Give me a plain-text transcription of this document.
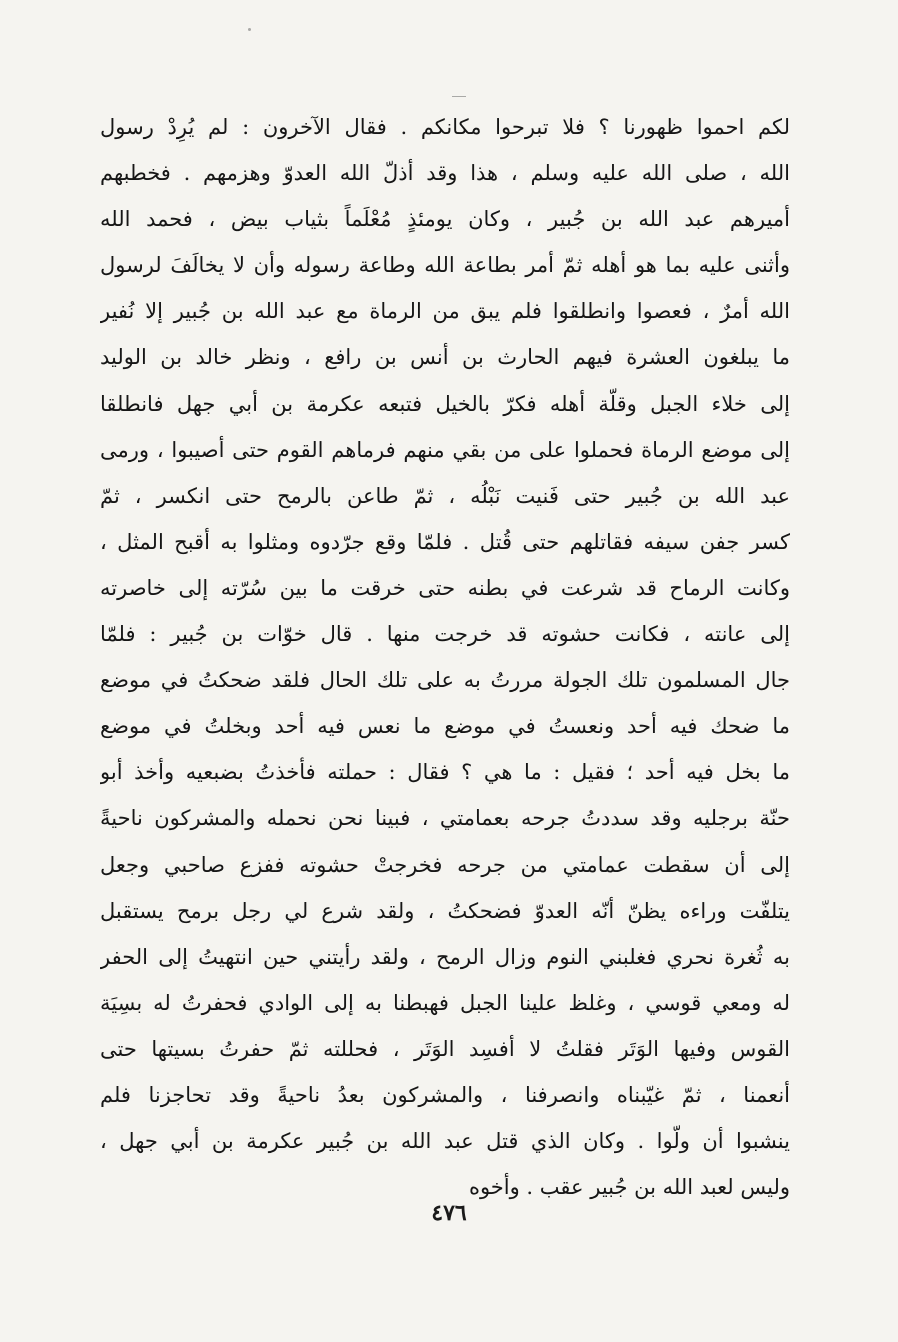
لكم احموا ظهورنا ؟ فلا تبرحوا مكانكم . فقال الآخرون : لم يُرِدْ رسول
الله ، صلى الله عليه وسلم ، هذا وقد أذلّ الله العدوّ وهزمهم . فخطبهم
أميرهم عبد الله بن جُبير ، وكان يومئذٍ مُعْلَماً بثياب بيض ، فحمد الله
وأثنى عليه بما هو أهله ثمّ أمر بطاعة الله وطاعة رسوله وأن لا يخالَفَ لرسول
الله أمرٌ ، فعصوا وانطلقوا فلم يبق من الرماة مع عبد الله بن جُبير إلا نُفير
ما يبلغون العشرة فيهم الحارث بن أنس بن رافع ، ونظر خالد بن الوليد
إلى خلاء الجبل وقلّة أهله فكرّ بالخيل فتبعه عكرمة بن أبي جهل فانطلقا
إلى موضع الرماة فحملوا على من بقي منهم فرماهم القوم حتى أصيبوا ، ورمى
عبد الله بن جُبير حتى فَنيت نَبْلُه ، ثمّ طاعن بالرمح حتى انكسر ، ثمّ
كسر جفن سيفه فقاتلهم حتى قُتل . فلمّا وقع جرّدوه ومثلوا به أقبح المثل ،
وكانت الرماح قد شرعت في بطنه حتى خرقت ما بين سُرّته إلى خاصرته
إلى عانته ، فكانت حشوته قد خرجت منها . قال خوّات بن جُبير : فلمّا
جال المسلمون تلك الجولة مررتُ به على تلك الحال فلقد ضحكتُ في موضع
ما ضحك فيه أحد ونعستُ في موضع ما نعس فيه أحد وبخلتُ في موضع
ما بخل فيه أحد ؛ فقيل : ما هي ؟ فقال : حملته فأخذتُ بضبعيه وأخذ أبو
حنّة برجليه وقد سددتُ جرحه بعمامتي ، فبينا نحن نحمله والمشركون ناحيةً
إلى أن سقطت عمامتي من جرحه فخرجتْ حشوته ففزع صاحبي وجعل
يتلفّت وراءه يظنّ أنّه العدوّ فضحكتُ ، ولقد شرع لي رجل برمح يستقبل
به ثُغرة نحري فغلبني النوم وزال الرمح ، ولقد رأيتني حين انتهيتُ إلى الحفر
له ومعي قوسي ، وغلظ علينا الجبل فهبطنا به إلى الوادي فحفرتُ له بسِيَة
القوس وفيها الوَتَر فقلتُ لا أفسِد الوَتَر ، فحللته ثمّ حفرتُ بسيتها حتى
أنعمنا ، ثمّ غيّبناه وانصرفنا ، والمشركون بعدُ ناحيةً وقد تحاجزنا فلم
ينشبوا أن ولّوا . وكان الذي قتل عبد الله بن جُبير عكرمة بن أبي جهل ،
وليس لعبد الله بن جُبير عقب . وأخوه
٤٧٦
